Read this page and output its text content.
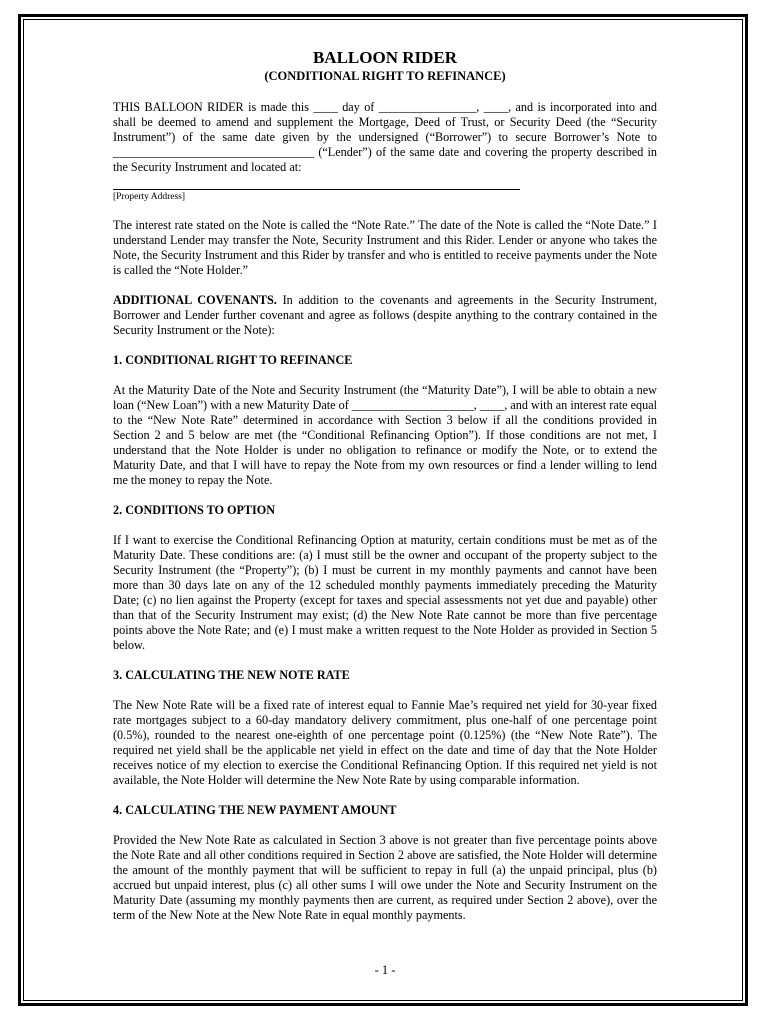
BALLOON RIDER
(CONDITIONAL RIGHT TO REFINANCE)

THIS BALLOON RIDER is made this ____ day of ________________, ____, and is incorporated into and shall be deemed to amend and supplement the Mortgage, Deed of Trust, or Security Deed (the “Security Instrument”) of the same date given by the undersigned (“Borrower”) to secure Borrower’s Note to _________________________________ (“Lender”) of the same date and covering the property described in the Security Instrument and located at:

[Property Address]

The interest rate stated on the Note is called the “Note Rate.” The date of the Note is called the “Note Date.” I understand Lender may transfer the Note, Security Instrument and this Rider. Lender or anyone who takes the Note, the Security Instrument and this Rider by transfer and who is entitled to receive payments under the Note is called the “Note Holder.”

ADDITIONAL COVENANTS. In addition to the covenants and agreements in the Security Instrument, Borrower and Lender further covenant and agree as follows (despite anything to the contrary contained in the Security Instrument or the Note):

1. CONDITIONAL RIGHT TO REFINANCE

At the Maturity Date of the Note and Security Instrument (the “Maturity Date”), I will be able to obtain a new loan (“New Loan”) with a new Maturity Date of ____________________, ____, and with an interest rate equal to the “New Note Rate” determined in accordance with Section 3 below if all the conditions provided in Section 2 and 5 below are met (the “Conditional Refinancing Option”). If those conditions are not met, I understand that the Note Holder is under no obligation to refinance or modify the Note, or to extend the Maturity Date, and that I will have to repay the Note from my own resources or find a lender willing to lend me the money to repay the Note.

2. CONDITIONS TO OPTION

If I want to exercise the Conditional Refinancing Option at maturity, certain conditions must be met as of the Maturity Date. These conditions are: (a) I must still be the owner and occupant of the property subject to the Security Instrument (the “Property”); (b) I must be current in my monthly payments and cannot have been more than 30 days late on any of the 12 scheduled monthly payments immediately preceding the Maturity Date; (c) no lien against the Property (except for taxes and special assessments not yet due and payable) other than that of the Security Instrument may exist; (d) the New Note Rate cannot be more than five percentage points above the Note Rate; and (e) I must make a written request to the Note Holder as provided in Section 5 below.

3. CALCULATING THE NEW NOTE RATE

The New Note Rate will be a fixed rate of interest equal to Fannie Mae’s required net yield for 30-year fixed rate mortgages subject to a 60-day mandatory delivery commitment, plus one-half of one percentage point (0.5%), rounded to the nearest one-eighth of one percentage point (0.125%) (the “New Note Rate”). The required net yield shall be the applicable net yield in effect on the date and time of day that the Note Holder receives notice of my election to exercise the Conditional Refinancing Option. If this required net yield is not available, the Note Holder will determine the New Note Rate by using comparable information.

4. CALCULATING THE NEW PAYMENT AMOUNT

Provided the New Note Rate as calculated in Section 3 above is not greater than five percentage points above the Note Rate and all other conditions required in Section 2 above are satisfied, the Note Holder will determine the amount of the monthly payment that will be sufficient to repay in full (a) the unpaid principal, plus (b) accrued but unpaid interest, plus (c) all other sums I will owe under the Note and Security Instrument on the Maturity Date (assuming my monthly payments then are current, as required under Section 2 above), over the term of the New Note at the New Note Rate in equal monthly payments.

- 1 -
